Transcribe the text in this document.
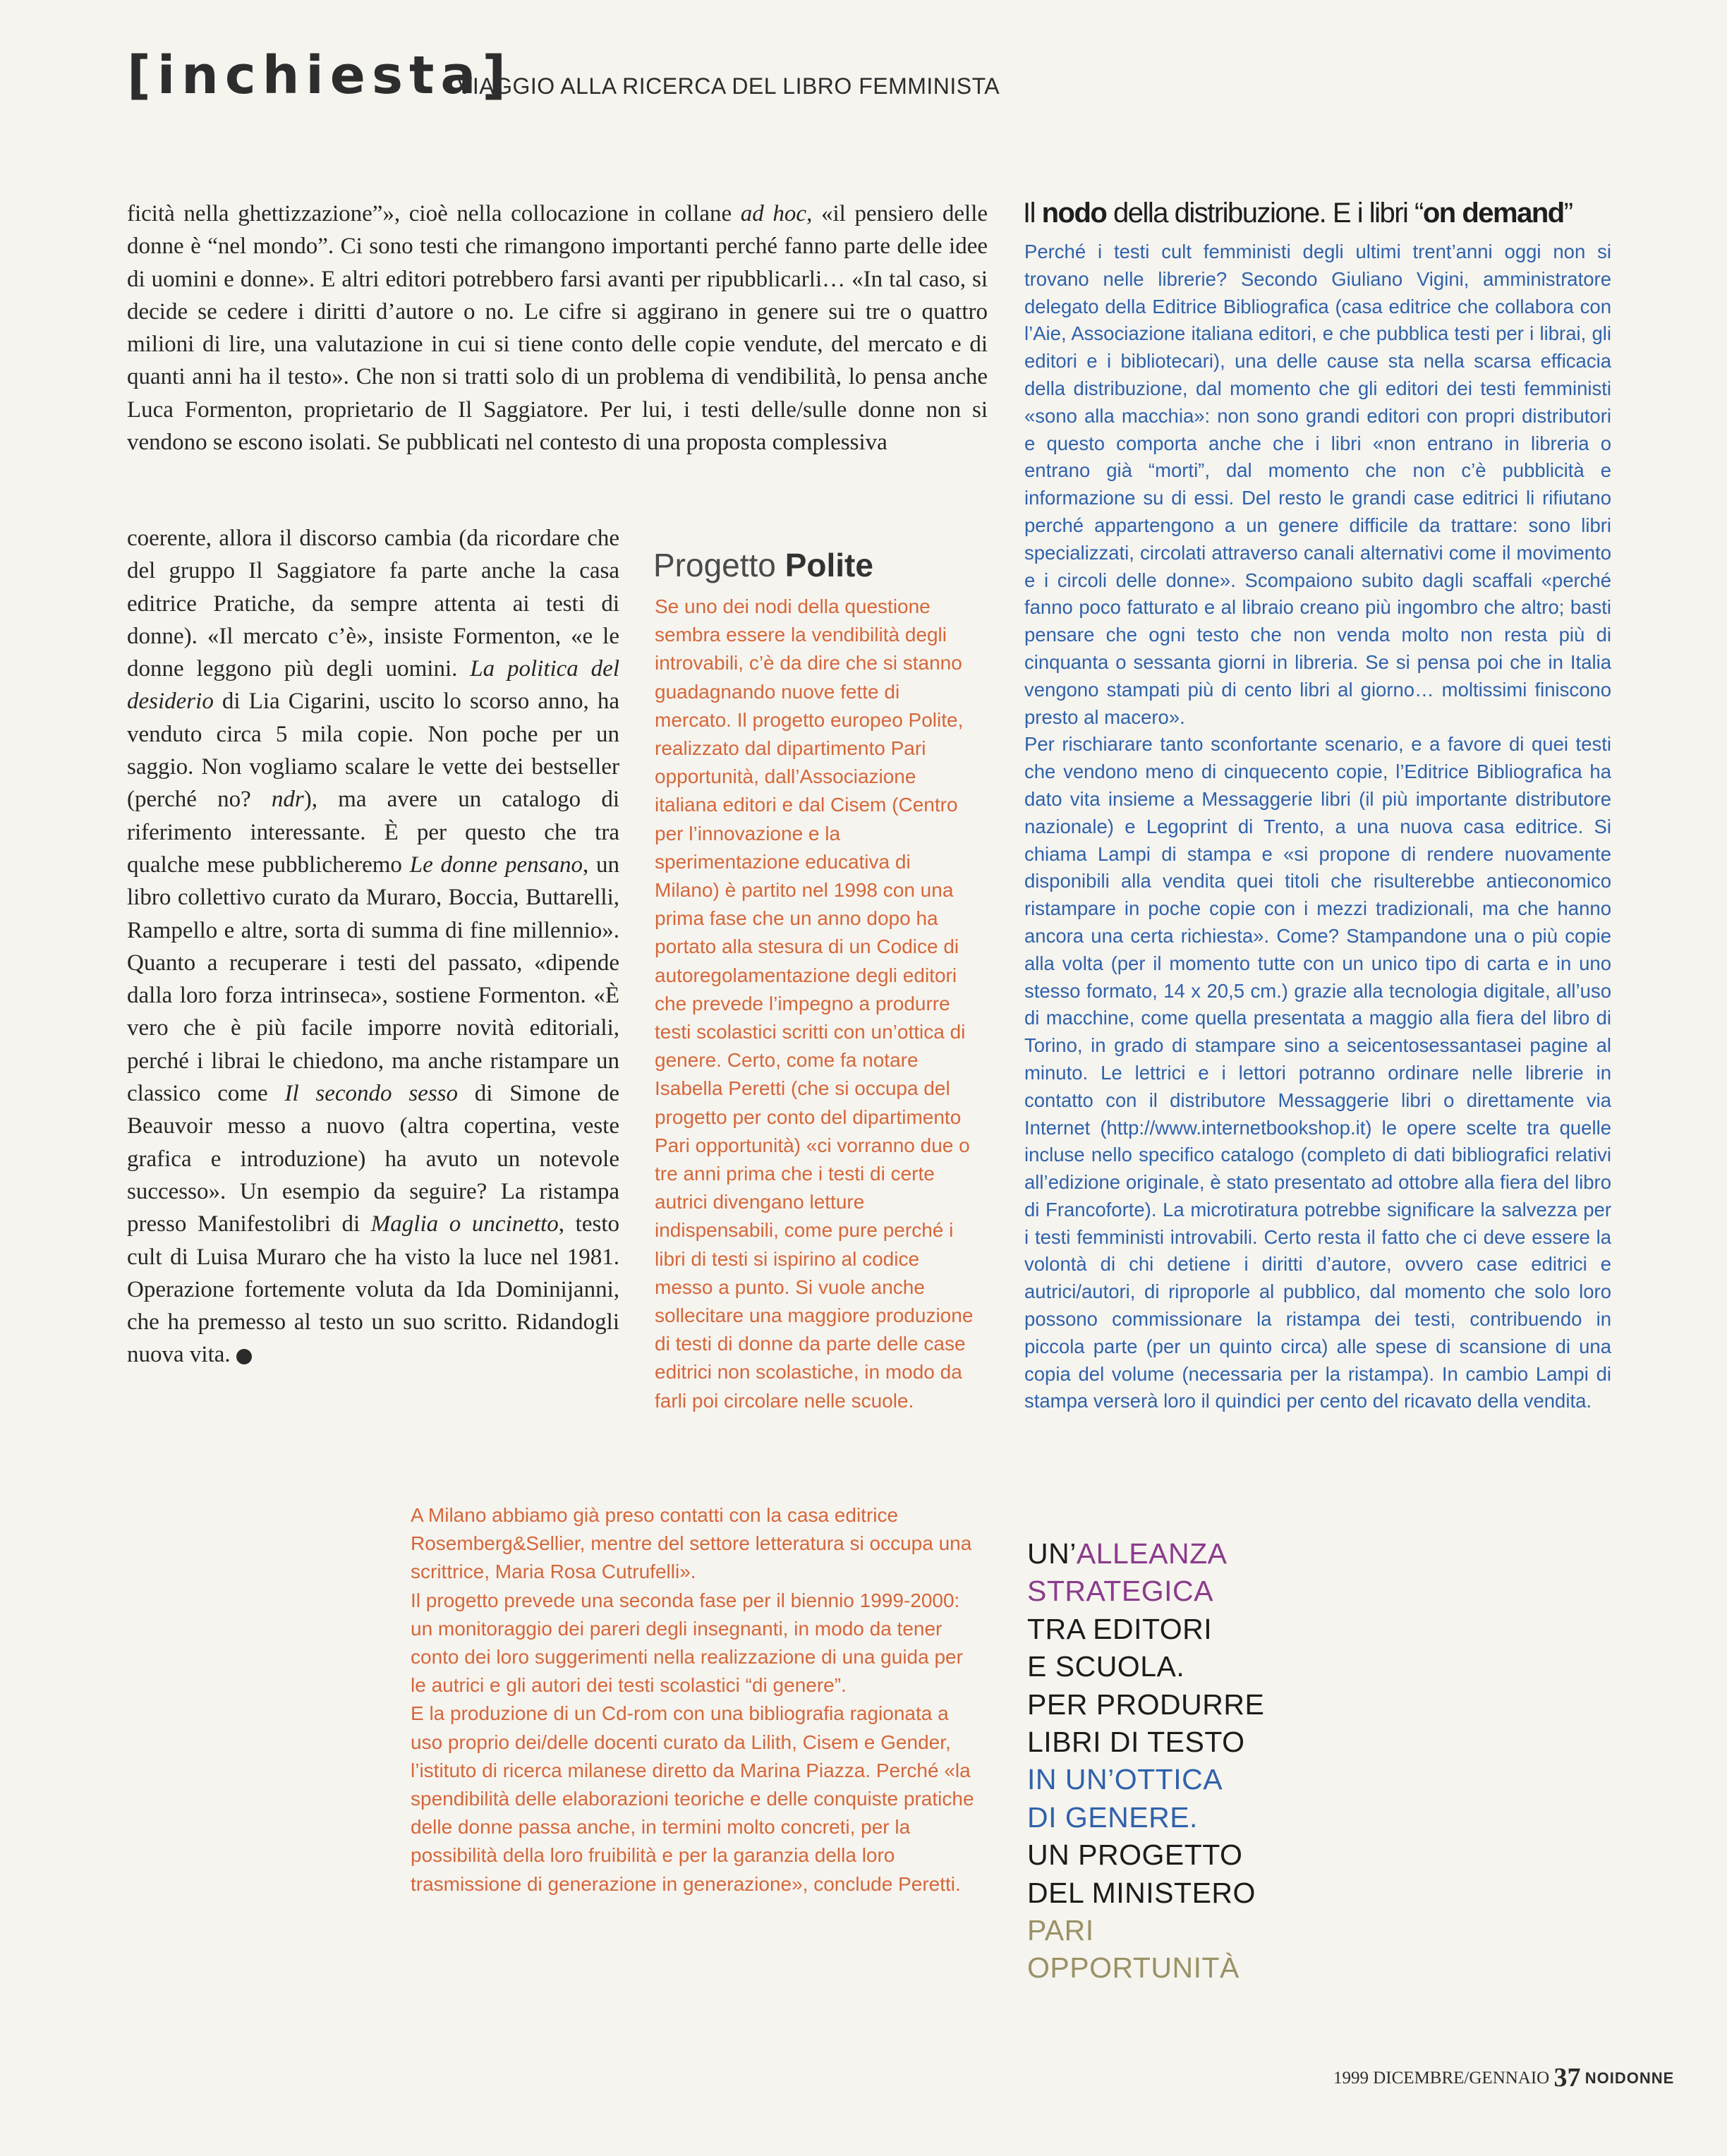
[inchiesta]
VIAGGIO ALLA RICERCA DEL LIBRO FEMMINISTA

ficità nella ghettizzazione”», cioè nella collocazione in collane ad hoc, «il pensiero delle donne è “nel mondo”. Ci sono testi che rimangono importanti perché fanno parte delle idee di uomini e donne». E altri editori potrebbero farsi avanti per ripubblicarli… «In tal caso, si decide se cedere i diritti d’autore o no. Le cifre si aggirano in genere sui tre o quattro milioni di lire, una valutazione in cui si tiene conto delle copie vendute, del mercato e di quanti anni ha il testo». Che non si tratti solo di un problema di vendibilità, lo pensa anche Luca Formenton, proprietario de Il Saggiatore. Per lui, i testi delle/sulle donne non si vendono se escono isolati. Se pubblicati nel contesto di una proposta complessiva

coerente, allora il discorso cambia (da ricordare che del gruppo Il Saggiatore fa parte anche la casa editrice Pratiche, da sempre attenta ai testi di donne). «Il mercato c’è», insiste Formenton, «e le donne leggono più degli uomini. La politica del desiderio di Lia Cigarini, uscito lo scorso anno, ha venduto circa 5 mila copie. Non poche per un saggio. Non vogliamo scalare le vette dei bestseller (perché no? ndr), ma avere un catalogo di riferimento interessante. È per questo che tra qualche mese pubblicheremo Le donne pensano, un libro collettivo curato da Muraro, Boccia, Buttarelli, Rampello e altre, sorta di summa di fine millennio». Quanto a recuperare i testi del passato, «dipende dalla loro forza intrinseca», sostiene Formenton. «È vero che è più facile imporre novità editoriali, perché i librai le chiedono, ma anche ristampare un classico come Il secondo sesso di Simone de Beauvoir messo a nuovo (altra copertina, veste grafica e introduzione) ha avuto un notevole successo». Un esempio da seguire? La ristampa presso Manifestolibri di Maglia o uncinetto, testo cult di Luisa Muraro che ha visto la luce nel 1981. Operazione fortemente voluta da Ida Dominijanni, che ha premesso al testo un suo scritto. Ridandogli nuova vita.

Progetto Polite

Se uno dei nodi della questione sembra essere la vendibilità degli introvabili, c’è da dire che si stanno guadagnando nuove fette di mercato. Il progetto europeo Polite, realizzato dal dipartimento Pari opportunità, dall’Associazione italiana editori e dal Cisem (Centro per l’innovazione e la sperimentazione educativa di Milano) è partito nel 1998 con una prima fase che un anno dopo ha portato alla stesura di un Codice di autoregolamentazione degli editori che prevede l’impegno a produrre testi scolastici scritti con un’ottica di genere. Certo, come fa notare Isabella Peretti (che si occupa del progetto per conto del dipartimento Pari opportunità) «ci vorranno due o tre anni prima che i testi di certe autrici divengano letture indispensabili, come pure perché i libri di testi si ispirino al codice messo a punto. Si vuole anche sollecitare una maggiore produzione di testi di donne da parte delle case editrici non scolastiche, in modo da farli poi circolare nelle scuole.

A Milano abbiamo già preso contatti con la casa editrice Rosemberg&Sellier, mentre del settore letteratura si occupa una scrittrice, Maria Rosa Cutrufelli».

Il progetto prevede una seconda fase per il biennio 1999-2000: un monitoraggio dei pareri degli insegnanti, in modo da tener conto dei loro suggerimenti nella realizzazione di una guida per le autrici e gli autori dei testi scolastici “di genere”.

E la produzione di un Cd-rom con una bibliografia ragionata a uso proprio dei/delle docenti curato da Lilith, Cisem e Gender, l’istituto di ricerca milanese diretto da Marina Piazza. Perché «la spendibilità delle elaborazioni teoriche e delle conquiste pratiche delle donne passa anche, in termini molto concreti, per la possibilità della loro fruibilità e per la garanzia della loro trasmissione di generazione in generazione», conclude Peretti.

Il nodo della distribuzione. E i libri “on demand”

Perché i testi cult femministi degli ultimi trent’anni oggi non si trovano nelle librerie? Secondo Giuliano Vigini, amministratore delegato della Editrice Bibliografica (casa editrice che collabora con l’Aie, Associazione italiana editori, e che pubblica testi per i librai, gli editori e i bibliotecari), una delle cause sta nella scarsa efficacia della distribuzione, dal momento che gli editori dei testi femministi «sono alla macchia»: non sono grandi editori con propri distributori e questo comporta anche che i libri «non entrano in libreria o entrano già “morti”, dal momento che non c’è pubblicità e informazione su di essi. Del resto le grandi case editrici li rifiutano perché appartengono a un genere difficile da trattare: sono libri specializzati, circolati attraverso canali alternativi come il movimento e i circoli delle donne». Scompaiono subito dagli scaffali «perché fanno poco fatturato e al libraio creano più ingombro che altro; basti pensare che ogni testo che non venda molto non resta più di cinquanta o sessanta giorni in libreria. Se si pensa poi che in Italia vengono stampati più di cento libri al giorno… moltissimi finiscono presto al macero».

Per rischiarare tanto sconfortante scenario, e a favore di quei testi che vendono meno di cinquecento copie, l’Editrice Bibliografica ha dato vita insieme a Messaggerie libri (il più importante distributore nazionale) e Legoprint di Trento, a una nuova casa editrice. Si chiama Lampi di stampa e «si propone di rendere nuovamente disponibili alla vendita quei titoli che risulterebbe antieconomico ristampare in poche copie con i mezzi tradizionali, ma che hanno ancora una certa richiesta». Come? Stampandone una o più copie alla volta (per il momento tutte con un unico tipo di carta e in uno stesso formato, 14 x 20,5 cm.) grazie alla tecnologia digitale, all’uso di macchine, come quella presentata a maggio alla fiera del libro di Torino, in grado di stampare sino a seicentosessantasei pagine al minuto. Le lettrici e i lettori potranno ordinare nelle librerie in contatto con il distributore Messaggerie libri o direttamente via Internet (http://www.internetbookshop.it) le opere scelte tra quelle incluse nello specifico catalogo (completo di dati bibliografici relativi all’edizione originale, è stato presentato ad ottobre alla fiera del libro di Francoforte). La microtiratura potrebbe significare la salvezza per i testi femministi introvabili. Certo resta il fatto che ci deve essere la volontà di chi detiene i diritti d’autore, ovvero case editrici e autrici/autori, di riproporle al pubblico, dal momento che solo loro possono commissionare la ristampa dei testi, contribuendo in piccola parte (per un quinto circa) alle spese di scansione di una copia del volume (necessaria per la ristampa). In cambio Lampi di stampa verserà loro il quindici per cento del ricavato della vendita.

UN’ALLEANZA
STRATEGICA
TRA EDITORI
E SCUOLA.
PER PRODURRE
LIBRI DI TESTO
IN UN’OTTICA
DI GENERE.
UN PROGETTO
DEL MINISTERO
PARI
OPPORTUNITÀ
1999 DICEMBRE/GENNAIO 37 NOIDONNE
